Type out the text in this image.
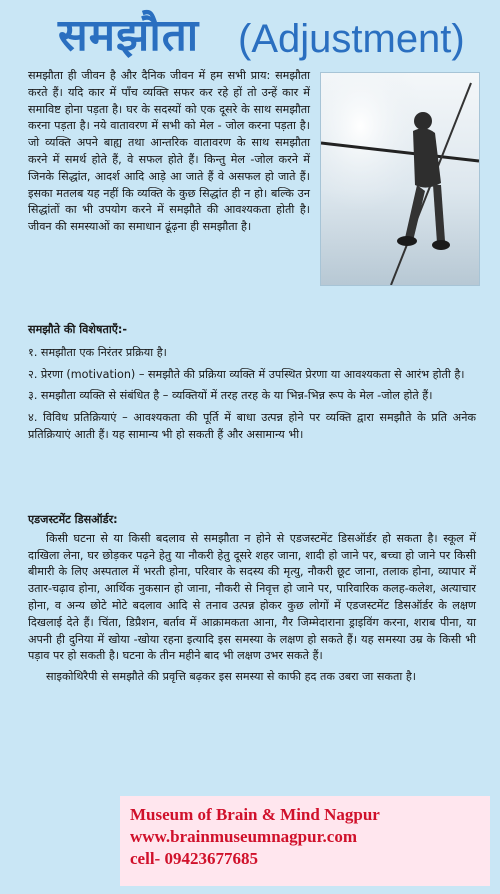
समझौता (Adjustment)

समझौता ही जीवन है और दैनिक जीवन में हम सभी प्राय: समझौता करते हैं। यदि कार में पाँच व्यक्ति सफर कर रहे हों तो उन्हें कार में समाविष्ट होना पड़ता है। घर के सदस्यों को एक दूसरे के साथ समझौता करना पड़ता है। नये वातावरण में सभी को मेल - जोल करना पड़ता है। जो व्यक्ति अपने बाह्य तथा आन्तरिक वातावरण के साथ समझौता करने में समर्थ होते हैं, वे सफल होते हैं। किन्तु मेल -जोल करने में जिनके सिद्धांत, आदर्श आदि आड़े आ जाते हैं वे असफल हो जाते हैं। इसका मतलब यह नहीं कि व्यक्ति के कुछ सिद्धांत ही न हो। बल्कि उन सिद्धांतों का भी उपयोग करने में समझौते की आवश्यकता होती है। जीवन की समस्याओं का समाधान ढूंढ़ना ही समझौता है।

समझौते की विशेषताएँ:-

१. समझौता एक निरंतर प्रक्रिया है।

२. प्रेरणा (motivation) – समझौते की प्रक्रिया व्यक्ति में उपस्थित प्रेरणा या आवश्यकता से आरंभ होती है।

३. समझौता व्यक्ति से संबंधित है – व्यक्तियों में तरह तरह के या भिन्न-भिन्न रूप के मेल -जोल होते हैं।

४. विविध प्रतिक्रियाएं – आवश्यकता की पूर्ति में बाधा उत्पन्न होने पर व्यक्ति द्वारा समझौते के प्रति अनेक प्रतिक्रियाएं आती हैं। यह सामान्य भी हो सकती हैं और असामान्य भी।

एडजस्टमेंट डिसऑर्डर:

किसी घटना से या किसी बदलाव से समझौता न होने से एडजस्टमेंट डिसऑर्डर हो सकता है। स्कूल में दाखिला लेना, घर छोड़कर पढ़ने हेतु या नौकरी हेतु दूसरे शहर जाना, शादी हो जाने पर, बच्चा हो जाने पर किसी बीमारी के लिए अस्पताल में भरती होना, परिवार के सदस्य की मृत्यु, नौकरी छूट जाना, तलाक होना, व्यापार में उतार-चढ़ाव होना, आर्थिक नुकसान हो जाना, नौकरी से निवृत्त हो जाने पर, पारिवारिक कलह-कलेश, अत्याचार होना, व अन्य छोटे मोटे बदलाव आदि से तनाव उत्पन्न होकर कुछ लोगों में एडजस्टमेंट डिसऑर्डर के लक्षण दिखलाई देते हैं। चिंता, डिप्रैशन, बर्ताव में आक्रामकता आना, गैर जिम्मेदाराना ड्राइविंग करना, शराब पीना, या अपनी ही दुनिया में खोया -खोया रहना इत्यादि इस समस्या के लक्षण हो सकते हैं। यह समस्या उम्र के किसी भी पड़ाव पर हो सकती है। घटना के तीन महीने बाद भी लक्षण उभर सकते हैं।

साइकोथिरैपी से समझौते की प्रवृत्ति बढ़कर इस समस्या से काफी हद तक उबरा जा सकता है।

Museum of Brain & Mind Nagpur

www.brainmuseumnagpur.com

cell- 09423677685
